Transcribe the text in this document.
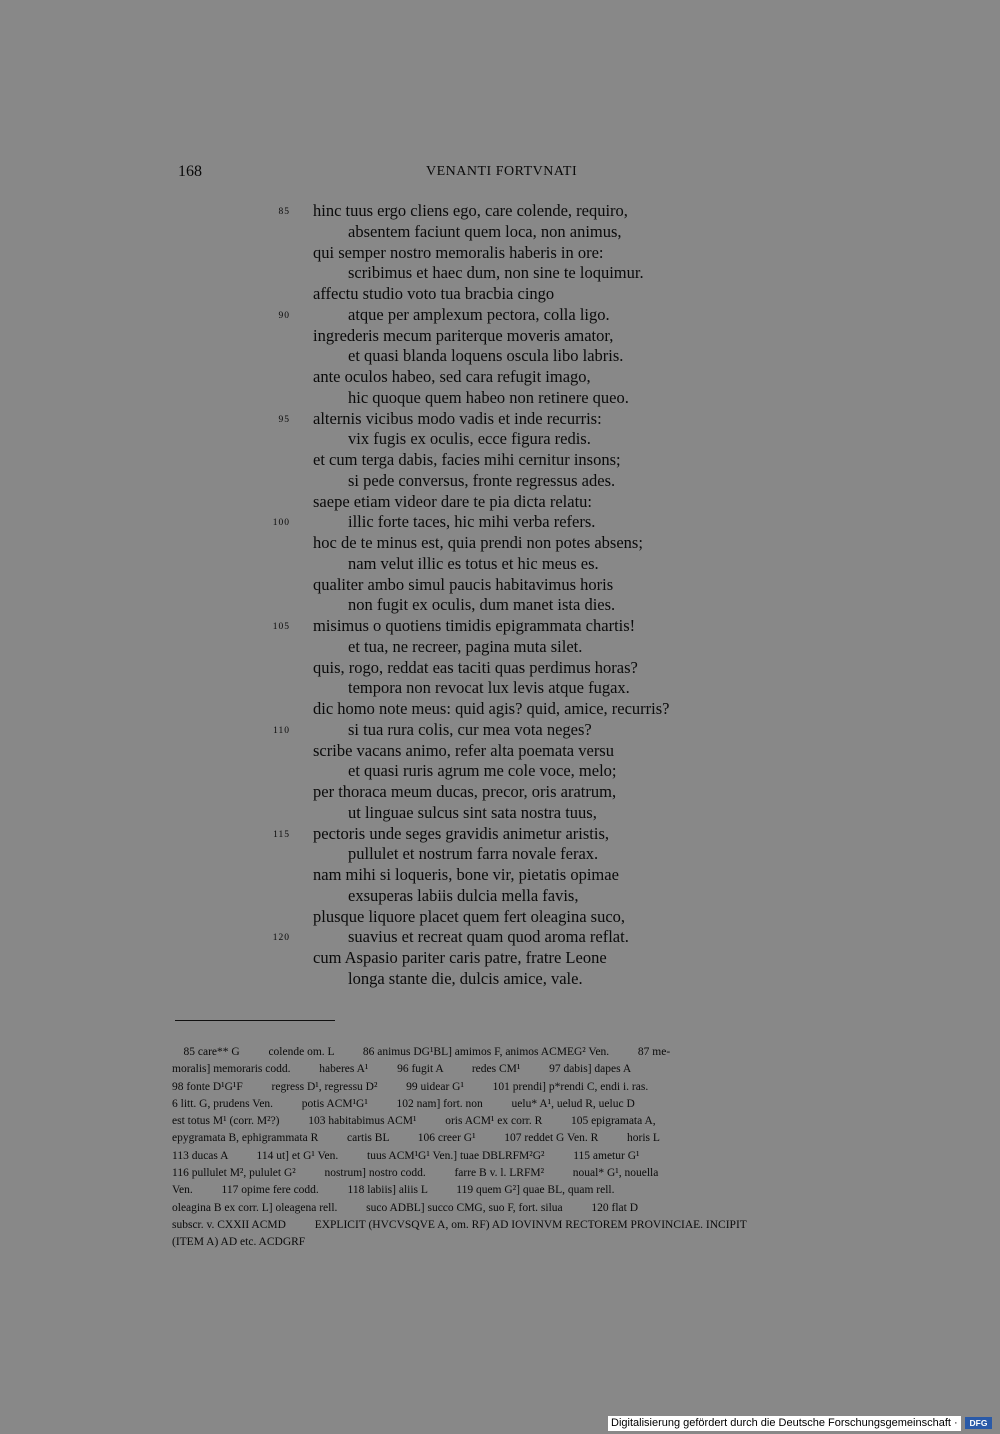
168	VENANTI FORTVNATI
85 hinc tuus ergo cliens ego, care colende, requiro,
absentem faciunt quem loca, non animus,
qui semper nostro memoralis haberis in ore:
scribimus et haec dum, non sine te loquimur.
affectu studio voto tua bracbia cingo
90	atque per amplexum pectora, colla ligo.
ingrederis mecum pariterque moveris amator,
et quasi blanda loquens oscula libo labris.
ante oculos habeo, sed cara refugit imago,
hic quoque quem habeo non retinere queo.
95 alternis vicibus modo vadis et inde recurris:
vix fugis ex oculis, ecce figura redis.
et cum terga dabis, facies mihi cernitur insons;
si pede conversus, fronte regressus ades.
saepe etiam videor dare te pia dicta relatu:
100	illic forte taces, hic mihi verba refers.
hoc de te minus est, quia prendi non potes absens;
nam velut illic es totus et hic meus es.
qualiter ambo simul paucis habitavimus horis
non fugit ex oculis, dum manet ista dies.
105 misimus o quotiens timidis epigrammata chartis!
et tua, ne recreer, pagina muta silet.
quis, rogo, reddat eas taciti quas perdimus horas?
tempora non revocat lux levis atque fugax.
dic homo note meus: quid agis? quid, amice, recurris?
110	si tua rura colis, cur mea vota neges?
scribe vacans animo, refer alta poemata versu
et quasi ruris agrum me cole voce, melo;
per thoraca meum ducas, precor, oris aratrum,
ut linguae sulcus sint sata nostra tuus,
115 pectoris unde seges gravidis animetur aristis,
pullulet et nostrum farra novale ferax.
nam mihi si loqueris, bone vir, pietatis opimae
exsuperas labiis dulcia mella favis,
plusque liquore placet quem fert oleagina suco,
120	suavius et recreat quam quod aroma reflat.
cum Aspasio pariter caris patre, fratre Leone
longa stante die, dulcis amice, vale.
85 care** G          colende om. L          86 animus DG¹BL] amimos F, animos ACMEG² Ven.          87 me-
moralis] memoraris codd.          haberes A¹          96 fugit A          redes CM¹          97 dabis] dapes A
98 fonte D¹G¹F          regress D¹, regressu D²          99 uidear G¹          101 prendi] p*rendi C, endi i. ras.
6 litt. G, prudens Ven.          potis ACM¹G¹          102 nam] fort. non          uelu* A¹, uelud R, ueluc D
est totus M¹ (corr. M²?)          103 habitabimus ACM¹          oris ACM¹ ex corr. R          105 epigramata A,
epygramata B, ephigrammata R          cartis BL          106 creer G¹          107 reddet G Ven. R          horis L
113 ducas A          114 ut] et G¹ Ven.          tuus ACM¹G¹ Ven.] tuae DBLRFM²G²          115 ametur G¹
116 pullulet M², pululet G²          nostrum] nostro codd.          farre B v. l. LRFM²          noual* G¹, nouella
Ven.          117 opime fere codd.          118 labiis] aliis L          119 quem G²] quae BL, quam rell.
oleagina B ex corr. L] oleagena rell.          suco ADBL] succo CMG, suo F, fort. silua          120 flat D
subscr. v. CXXII ACMD          EXPLICIT (HVCVSQVE A, om. RF) AD IOVINVM RECTOREM PROVINCIAE. INCIPIT
(ITEM A) AD etc. ACDGRF
Digitalisierung gefördert durch die Deutsche Forschungsgemeinschaft ·	DFG
